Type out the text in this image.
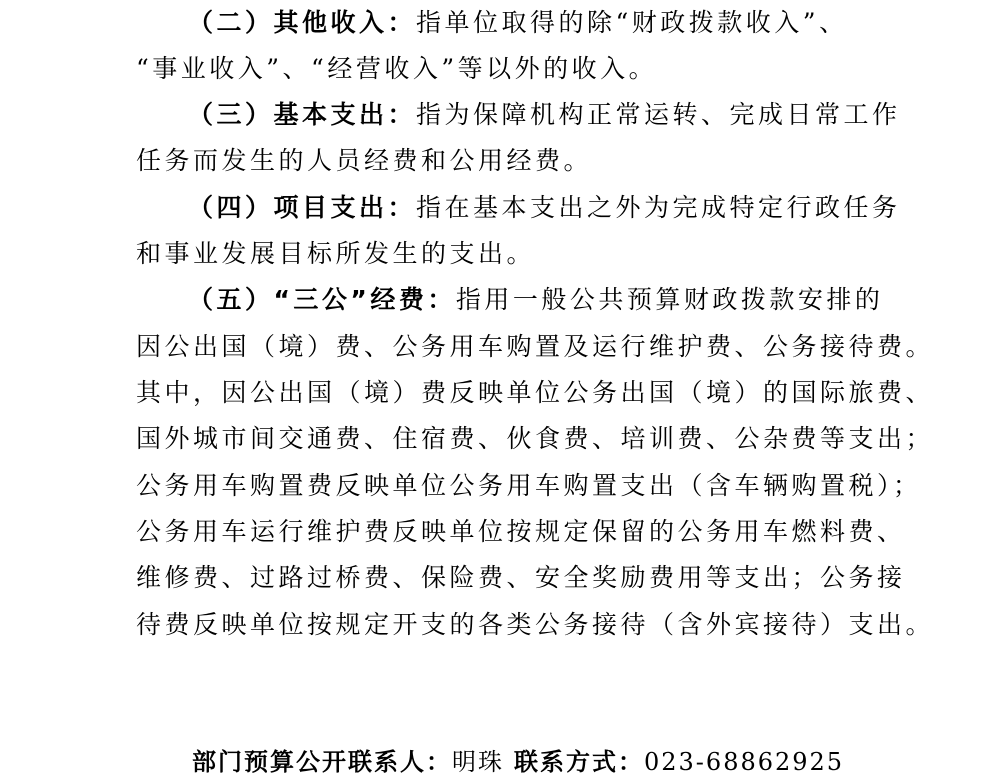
（二）其他收入：指单位取得的除“财政拨款收入”、
“事业收入”、“经营收入”等以外的收入。
（三）基本支出：指为保障机构正常运转、完成日常工作
任务而发生的人员经费和公用经费。
（四）项目支出：指在基本支出之外为完成特定行政任务
和事业发展目标所发生的支出。
（五）“三公”经费：指用一般公共预算财政拨款安排的
因公出国（境）费、公务用车购置及运行维护费、公务接待费。
其中，因公出国（境）费反映单位公务出国（境）的国际旅费、
国外城市间交通费、住宿费、伙食费、培训费、公杂费等支出；
公务用车购置费反映单位公务用车购置支出（含车辆购置税）；
公务用车运行维护费反映单位按规定保留的公务用车燃料费、
维修费、过路过桥费、保险费、安全奖励费用等支出；公务接
待费反映单位按规定开支的各类公务接待（含外宾接待）支出。
部门预算公开联系人：明珠 联系方式：023-68862925
